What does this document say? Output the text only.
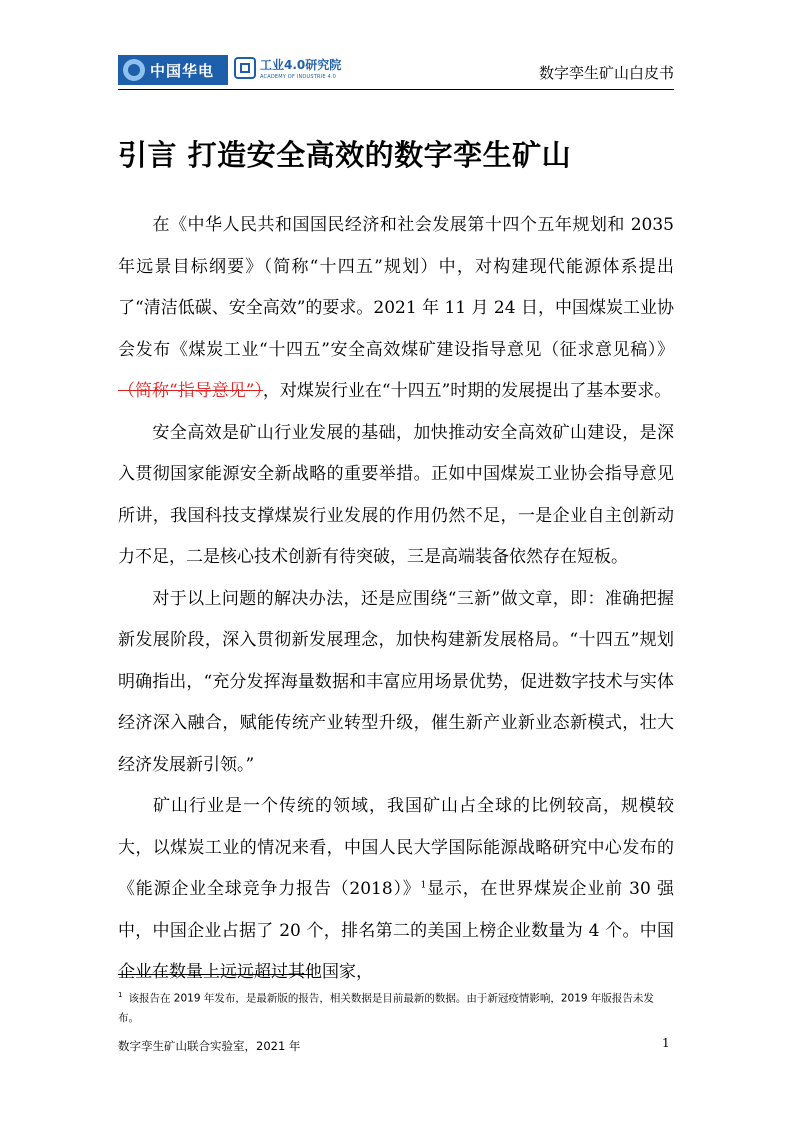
中国华电	工业4.0研究院
ACADEMY OF INDUSTRIE 4.0	数字孪生矿山白皮书
引言 打造安全高效的数字孪生矿山

在《中华人民共和国国民经济和社会发展第十四个五年规划和 2035 年远景目标纲要》（简称“十四五”规划）中，对构建现代能源体系提出了“清洁低碳、安全高效”的要求。2021 年 11 月 24 日，中国煤炭工业协会发布《煤炭工业“十四五”安全高效煤矿建设指导意见（征求意见稿）》（简称“指导意见”），对煤炭行业在“十四五”时期的发展提出了基本要求。

安全高效是矿山行业发展的基础，加快推动安全高效矿山建设，是深入贯彻国家能源安全新战略的重要举措。正如中国煤炭工业协会指导意见所讲，我国科技支撑煤炭行业发展的作用仍然不足，一是企业自主创新动力不足，二是核心技术创新有待突破，三是高端装备依然存在短板。

对于以上问题的解决办法，还是应围绕“三新”做文章，即：准确把握新发展阶段，深入贯彻新发展理念，加快构建新发展格局。“十四五”规划明确指出，“充分发挥海量数据和丰富应用场景优势，促进数字技术与实体经济深入融合，赋能传统产业转型升级，催生新产业新业态新模式，壮大经济发展新引领。”

矿山行业是一个传统的领域，我国矿山占全球的比例较高，规模较大，以煤炭工业的情况来看，中国人民大学国际能源战略研究中心发布的《能源企业全球竞争力报告（2018）》$^1$显示，在世界煤炭企业前 30 强中，中国企业占据了 20 个，排名第二的美国上榜企业数量为 4 个。中国企业在数量上远远超过其他国家，

$^1$ 该报告在 2019 年发布，是最新版的报告，相关数据是目前最新的数据。由于新冠疫情影响，2019 年版报告未发布。
数字孪生矿山联合实验室，2021 年	1
